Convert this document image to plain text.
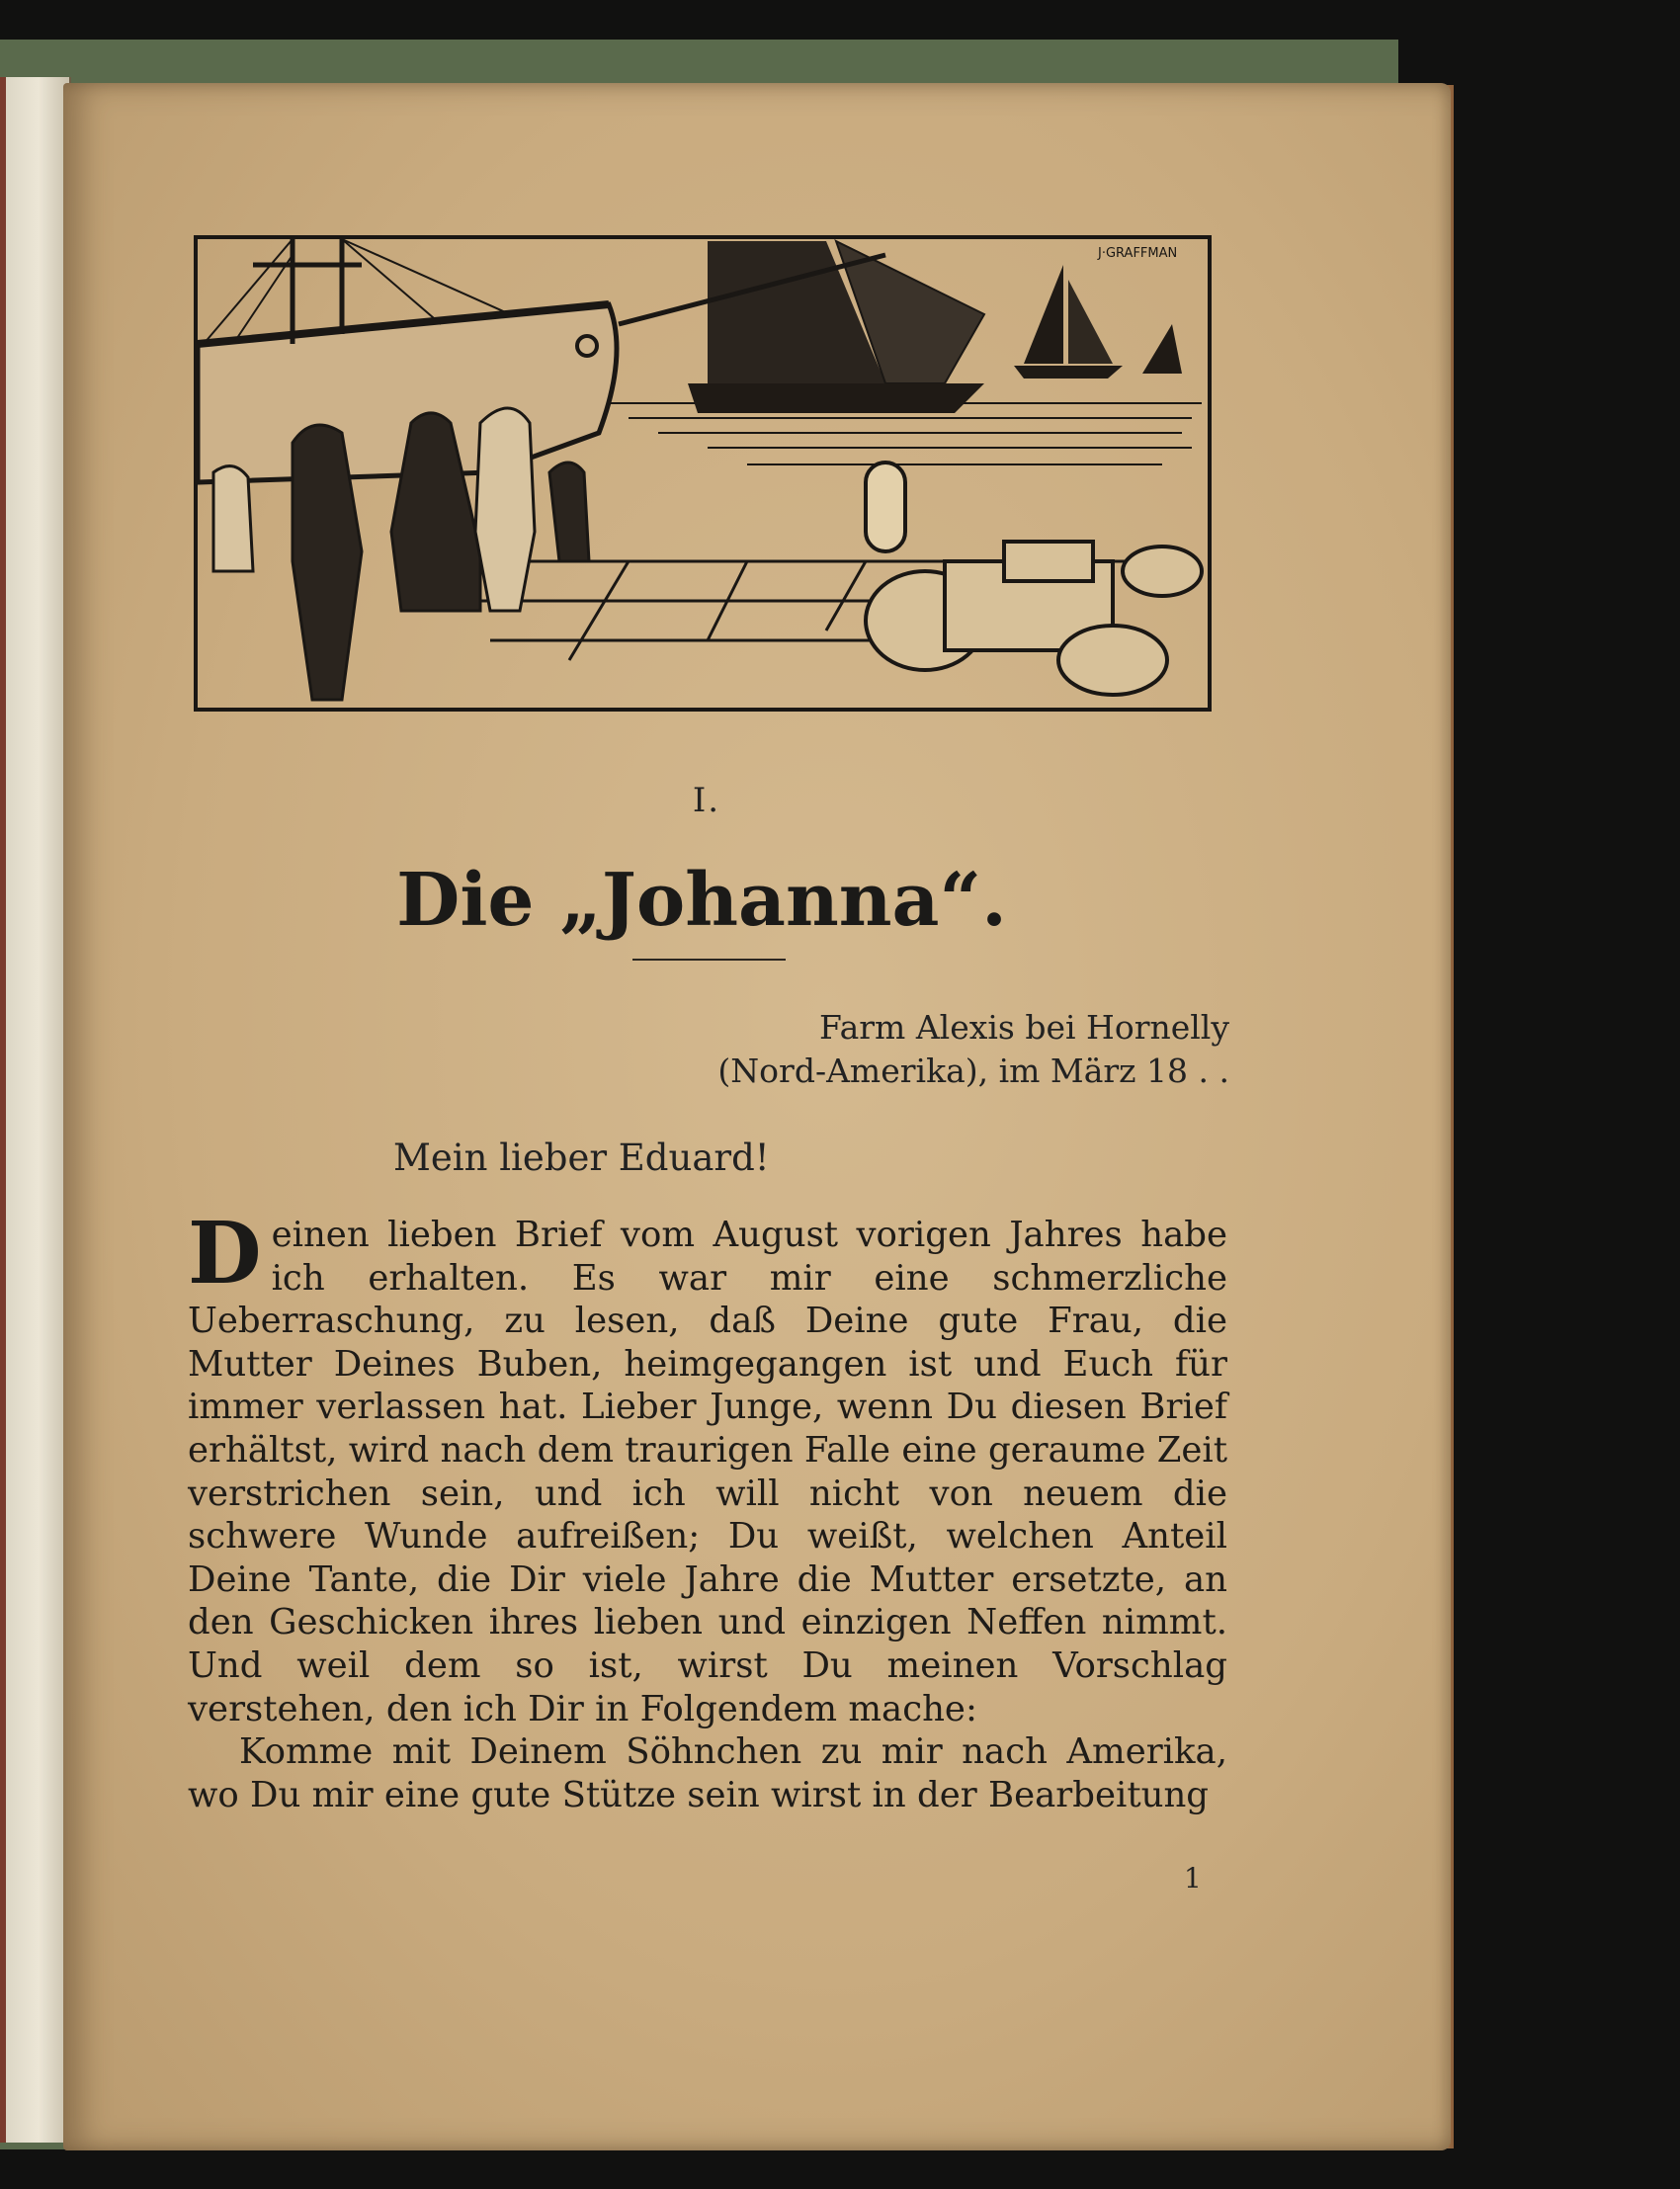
J·GRAFFMAN
I.
Die „Johanna“.
Farm Alexis bei Hornelly
(Nord-Amerika), im März 18 . .
Mein lieber Eduard!

Deinen lieben Brief vom August vorigen Jahres habe ich erhalten. Es war mir eine schmerzliche Ueberraschung, zu lesen, daß Deine gute Frau, die Mutter Deines Buben, heimgegangen ist und Euch für immer verlassen hat. Lieber Junge, wenn Du diesen Brief erhältst, wird nach dem traurigen Falle eine geraume Zeit verstrichen sein, und ich will nicht von neuem die schwere Wunde aufreißen; Du weißt, welchen Anteil Deine Tante, die Dir viele Jahre die Mutter ersetzte, an den Geschicken ihres lieben und einzigen Neffen nimmt. Und weil dem so ist, wirst Du meinen Vorschlag verstehen, den ich Dir in Folgendem mache:

Komme mit Deinem Söhnchen zu mir nach Amerika, wo Du mir eine gute Stütze sein wirst in der Bearbeitung

1
